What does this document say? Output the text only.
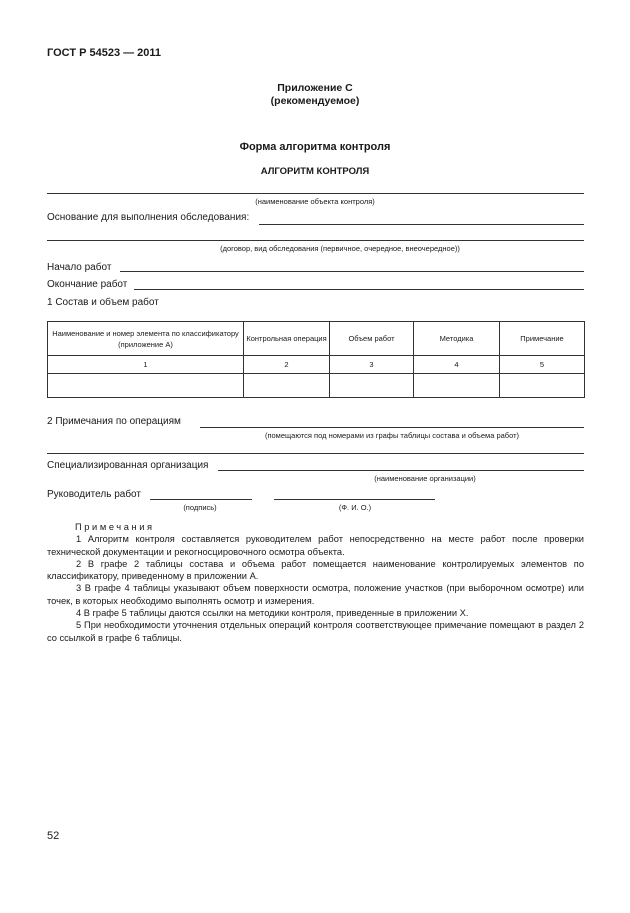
ГОСТ Р 54523 — 2011
Приложение С
(рекомендуемое)
Форма алгоритма контроля
АЛГОРИТМ КОНТРОЛЯ
(наименование объекта контроля)
Основание для выполнения обследования:
(договор, вид обследования (первичное, очередное, внеочередное))
Начало работ
Окончание работ
1 Состав и объем работ
Наименование и номер элемента по классификатору (приложение А)	Контрольная операция	Объем работ	Методика	Примечание
1	2	3	4	5

2 Примечания по операциям
(помещаются под номерами из графы таблицы состава и объема работ)
Специализированная организация
(наименование организации)
Руководитель работ
(подпись)	(Ф. И. О.)

Примечания

1 Алгоритм контроля составляется руководителем работ непосредственно на месте работ после проверки технической документации и рекогносцировочного осмотра объекта.

2 В графе 2 таблицы состава и объема работ помещается наименование контролируемых элементов по классификатору, приведенному в приложении А.

3 В графе 4 таблицы указывают объем поверхности осмотра, положение участков (при выборочном осмотре) или точек, в которых необходимо выполнять осмотр и измерения.

4 В графе 5 таблицы даются ссылки на методики контроля, приведенные в приложении Х.

5 При необходимости уточнения отдельных операций контроля соответствующее примечание помещают в раздел 2 со ссылкой в графе 6 таблицы.

52
